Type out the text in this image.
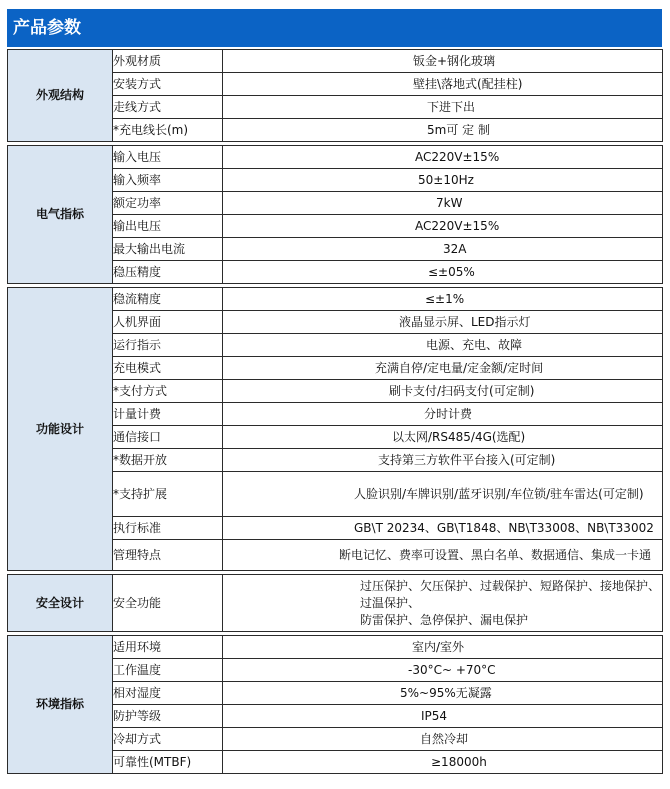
产品参数
外观结构	外观材质	钣金+钢化玻璃
	安装方式	壁挂\落地式(配挂柱)
	走线方式	下进下出
	*充电线长(m)	5m可 定 制

电气指标	输入电压	AC220V±15%
	输入频率	50±10Hz
	额定功率	7kW
	输出电压	AC220V±15%
	最大输出电流	32A
	稳压精度	≤±05%

功能设计	稳流精度	≤±1%
	人机界面	液晶显示屏、LED指示灯
	运行指示	电源、充电、故障
	充电模式	充满自停/定电量/定金额/定时间
	*支付方式	刷卡支付/扫码支付(可定制)
	计量计费	分时计费
	通信接口	以太网/RS485/4G(选配)
	*数据开放	支持第三方软件平台接入(可定制)
	*支持扩展	人脸识别/车牌识别/蓝牙识别/车位锁/驻车雷达(可定制)
	执行标准	GB\T 20234、GB\T1848、NB\T33008、NB\T33002
	管理特点	断电记忆、费率可设置、黑白名单、数据通信、集成一卡通

安全设计	安全功能	过压保护、欠压保护、过载保护、短路保护、接地保护、过温保护、
防雷保护、急停保护、漏电保护

环境指标	适用环境	室内/室外
	工作温度	-30°C~ +70°C
	相对湿度	5%~95%无凝露
	防护等级	IP54
	冷却方式	自然冷却
	可靠性(MTBF)	≥18000h
